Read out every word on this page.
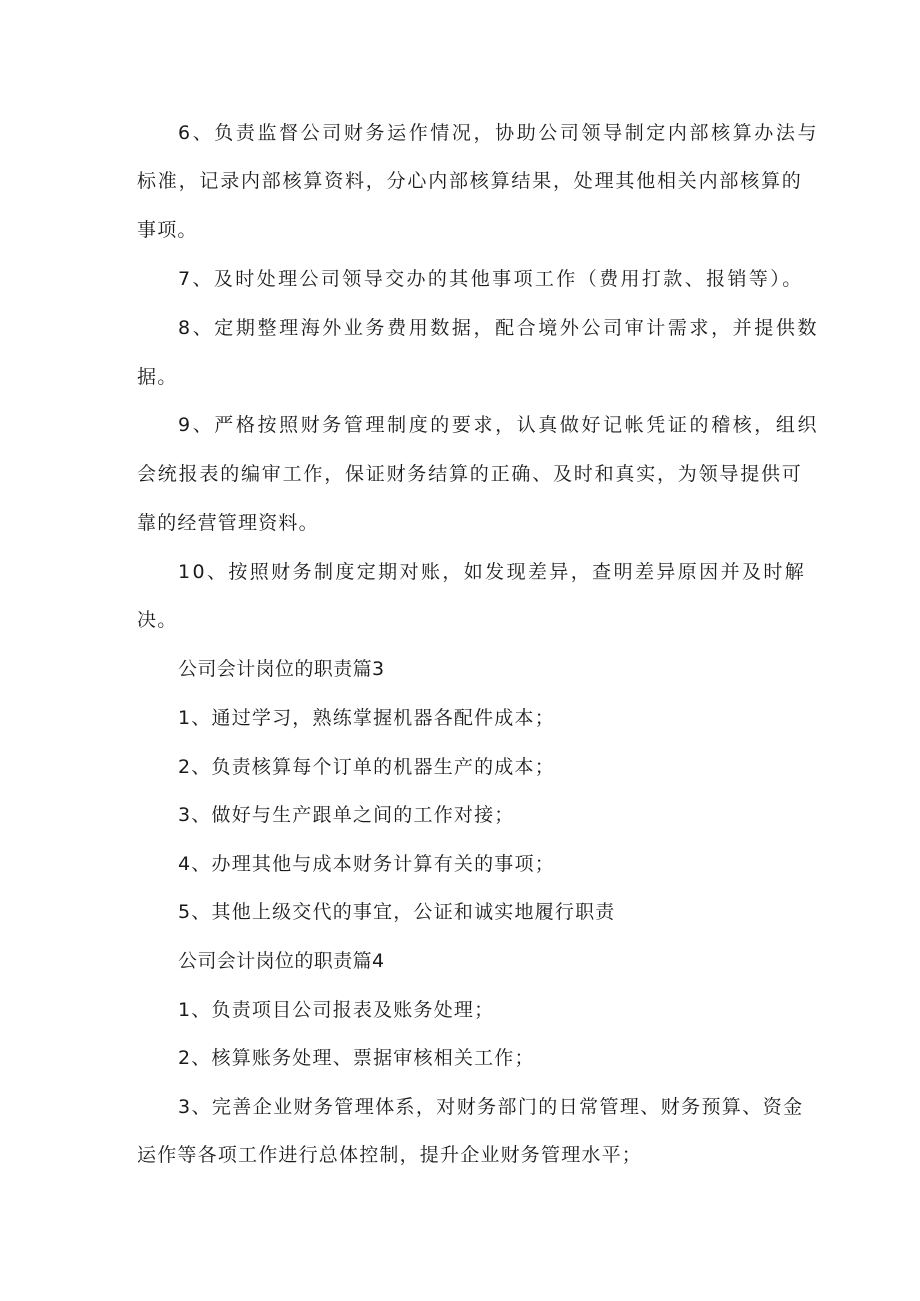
6、负责监督公司财务运作情况，协助公司领导制定内部核算办法与
标准，记录内部核算资料，分心内部核算结果，处理其他相关内部核算的
事项。
7、及时处理公司领导交办的其他事项工作（费用打款、报销等）。
8、定期整理海外业务费用数据，配合境外公司审计需求，并提供数
据。
9、严格按照财务管理制度的要求，认真做好记帐凭证的稽核，组织
会统报表的编审工作，保证财务结算的正确、及时和真实，为领导提供可
靠的经营管理资料。
10、按照财务制度定期对账，如发现差异，查明差异原因并及时解
决。
公司会计岗位的职责篇3
1、通过学习，熟练掌握机器各配件成本；
2、负责核算每个订单的机器生产的成本；
3、做好与生产跟单之间的工作对接；
4、办理其他与成本财务计算有关的事项；
5、其他上级交代的事宜，公证和诚实地履行职责
公司会计岗位的职责篇4
1、负责项目公司报表及账务处理；
2、核算账务处理、票据审核相关工作；
3、完善企业财务管理体系，对财务部门的日常管理、财务预算、资金
运作等各项工作进行总体控制，提升企业财务管理水平；
